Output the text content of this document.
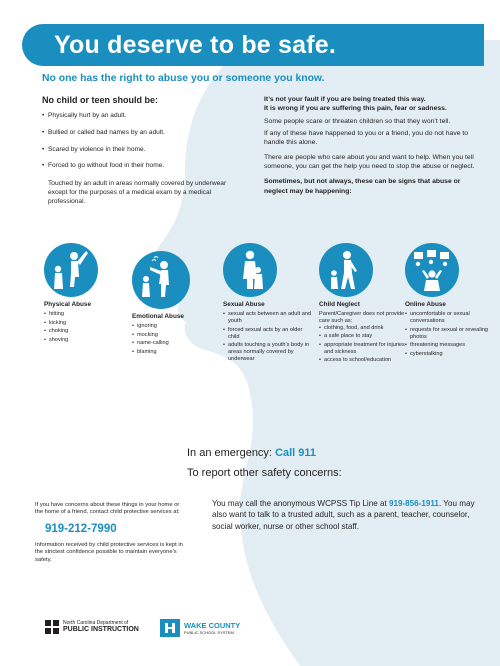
You deserve to be safe.
No one has the right to abuse you or someone you know.
No child or teen should be:
• Physically hurt by an adult.
• Bullied or called bad names by an adult.
• Scared by violence in their home.
• Forced to go without food in their home.

Touched by an adult in areas normally covered by underwear except for the purposes of a medical exam by a medical professional.

It’s not your fault if you are being treated this way.

It is wrong if you are suffering this pain, fear or sadness.

Some people scare or threaten children so that they won’t tell.

If any of these have happened to you or a friend, you do not have to handle this alone.

There are people who care about you and want to help. When you tell someone, you can get the help you need to stop the abuse or neglect.

Sometimes, but not always, these can be signs that abuse or neglect may be happening:

Physical Abuse
• hitting
• kicking
• choking
• shoving
Emotional Abuse
• ignoring
• mocking
• name-calling
• blaming
Sexual Abuse
• sexual acts between an adult and youth
• forced sexual acts by an older child
• adults touching a youth’s body in areas normally covered by underwear
Child Neglect
Parent/Caregiver does not provide care such as:
• clothing, food, and drink
• a safe place to stay
• appropriate treatment for injuries and sickness
• access to school/education
Online Abuse
• uncomfortable or sexual conversations
• requests for sexual or revealing photos
• threatening messages
• cyberstalking
In an emergency: Call 911
To report other safety concerns:

If you have concerns about these things in your home or the home of a friend, contact child protective services at:

919-212-7990

Information received by child protective services is kept in the strictest confidence possible to maintain everyone’s safety.

You may call the anonymous WCPSS Tip Line at 919-856-1911. You may also want to talk to a trusted adult, such as a parent, teacher, counselor, social worker, nurse or other school staff.

North Carolina Department of
PUBLIC INSTRUCTION	WAKE COUNTY
PUBLIC SCHOOL SYSTEM
